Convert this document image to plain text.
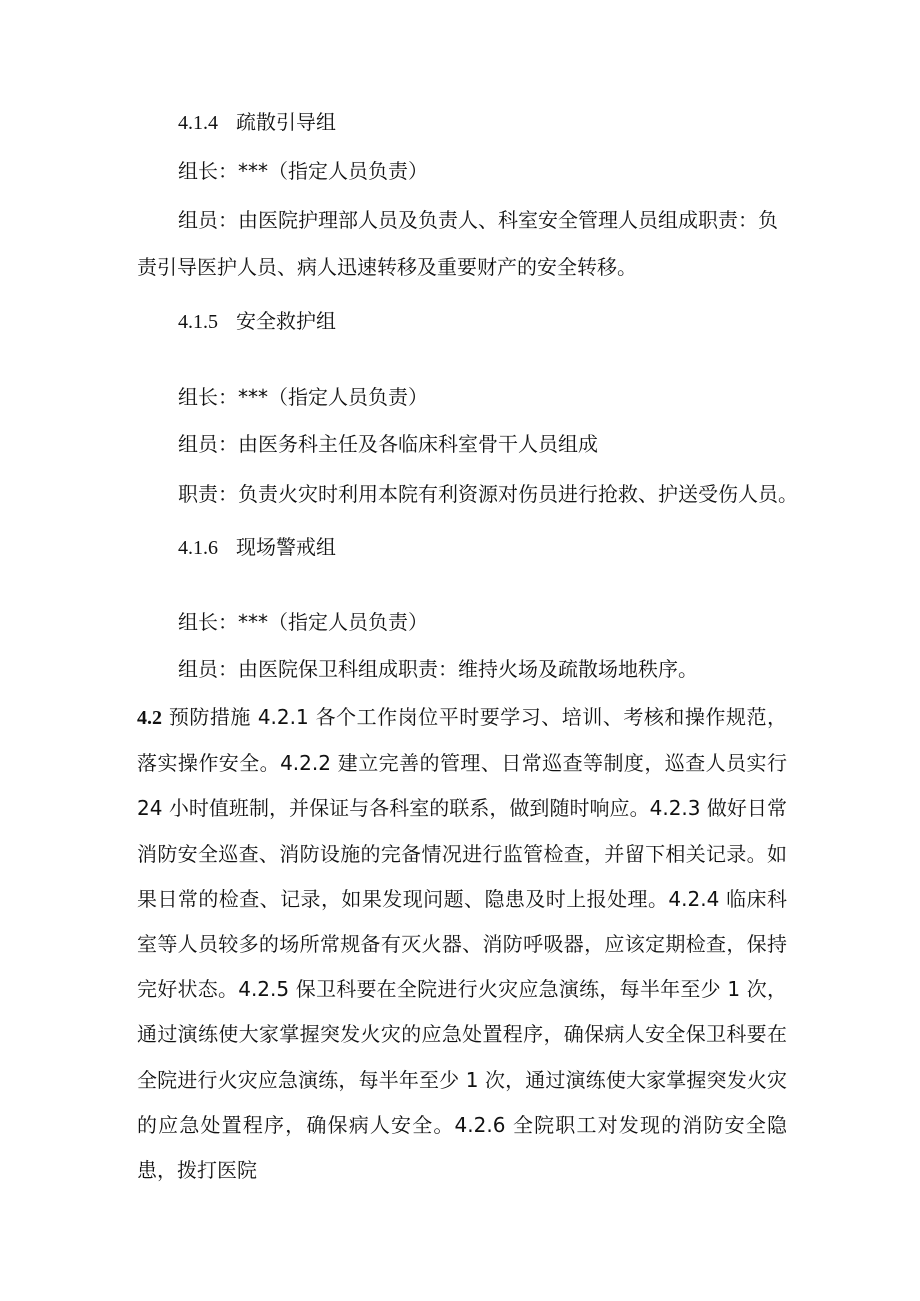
4.1.4 疏散引导组
组长：***（指定人员负责）
组员：由医院护理部人员及负责人、科室安全管理人员组成职责：负
责引导医护人员、病人迅速转移及重要财产的安全转移。
4.1.5 安全救护组
组长：***（指定人员负责）
组员：由医务科主任及各临床科室骨干人员组成
职责：负责火灾时利用本院有利资源对伤员进行抢救、护送受伤人员。
4.1.6 现场警戒组
组长：***（指定人员负责）
组员：由医院保卫科组成职责：维持火场及疏散场地秩序。
4.2 预防措施 4.2.1 各个工作岗位平时要学习、培训、考核和操作规范，落实操作安全。4.2.2 建立完善的管理、日常巡查等制度，巡查人员实行 24 小时值班制，并保证与各科室的联系，做到随时响应。4.2.3 做好日常消防安全巡查、消防设施的完备情况进行监管检查，并留下相关记录。如果日常的检查、记录，如果发现问题、隐患及时上报处理。4.2.4 临床科室等人员较多的场所常规备有灭火器、消防呼吸器，应该定期检查，保持完好状态。4.2.5 保卫科要在全院进行火灾应急演练，每半年至少 1 次，通过演练使大家掌握突发火灾的应急处置程序，确保病人安全保卫科要在全院进行火灾应急演练，每半年至少 1 次，通过演练使大家掌握突发火灾的应急处置程序，确保病人安全。4.2.6 全院职工对发现的消防安全隐患，拨打医院
